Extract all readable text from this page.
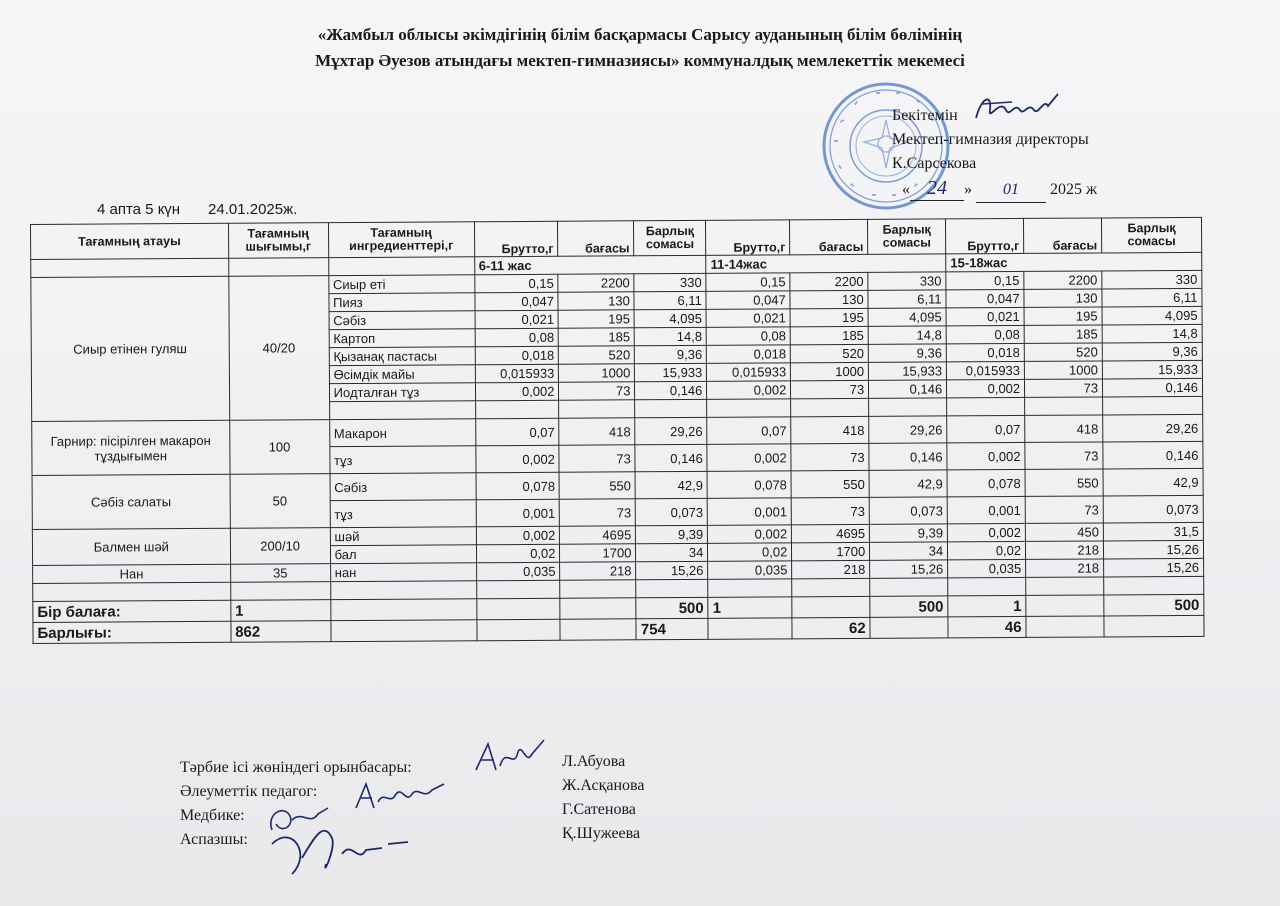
«Жамбыл облысы әкімдігінің білім басқармасы Сарысу ауданының білім бөлімінің
Мұхтар Әуезов атындағы мектеп-гимназиясы» коммуналдық мемлекеттік мекемесі
Бекітемін
Мектеп-гимназия директоры
К.Сарсекова
« 24 » 01 2025 ж
4 апта 5 күн 24.01.2025ж.
Тағамның атауы	Тағамның шығымы,г	Тағамның ингредиенттері,г	Брутто,г	бағасы	Барлық сомасы	Брутто,г	бағасы	Барлық сомасы	Брутто,г	бағасы	Барлық сомасы
			6-11 жас			11-14жас			15-18жас		
Сиыр етінен гуляш	40/20	Сиыр еті	0,15	2200	330	0,15	2200	330	0,15	2200	330
		Пияз	0,047	130	6,11	0,047	130	6,11	0,047	130	6,11
		Сәбіз	0,021	195	4,095	0,021	195	4,095	0,021	195	4,095
		Картоп	0,08	185	14,8	0,08	185	14,8	0,08	185	14,8
		Қызанақ пастасы	0,018	520	9,36	0,018	520	9,36	0,018	520	9,36
		Өсімдік майы	0,015933	1000	15,933	0,015933	1000	15,933	0,015933	1000	15,933
		Иодталған тұз	0,002	73	0,146	0,002	73	0,146	0,002	73	0,146

Гарнир: пісірілген макарон тұздығымен	100	Макарон	0,07	418	29,26	0,07	418	29,26	0,07	418	29,26
		тұз	0,002	73	0,146	0,002	73	0,146	0,002	73	0,146
Сәбіз салаты	50	Сәбіз	0,078	550	42,9	0,078	550	42,9	0,078	550	42,9
		тұз	0,001	73	0,073	0,001	73	0,073	0,001	73	0,073
Балмен шәй	200/10	шәй	0,002	4695	9,39	0,002	4695	9,39	0,002	450	31,5
		бал	0,02	1700	34	0,02	1700	34	0,02	218	15,26
Нан	35	нан	0,035	218	15,26	0,035	218	15,26	0,035	218	15,26

Бір балаға:	1				500	1		500	1		500
Барлығы:	862				754		62		46		
Тәрбие ісі жөніндегі орынбасары:
Әлеуметтік педагог:
Медбике:
Аспазшы:
Л.Абуова
Ж.Асқанова
Г.Сатенова
Қ.Шужеева
